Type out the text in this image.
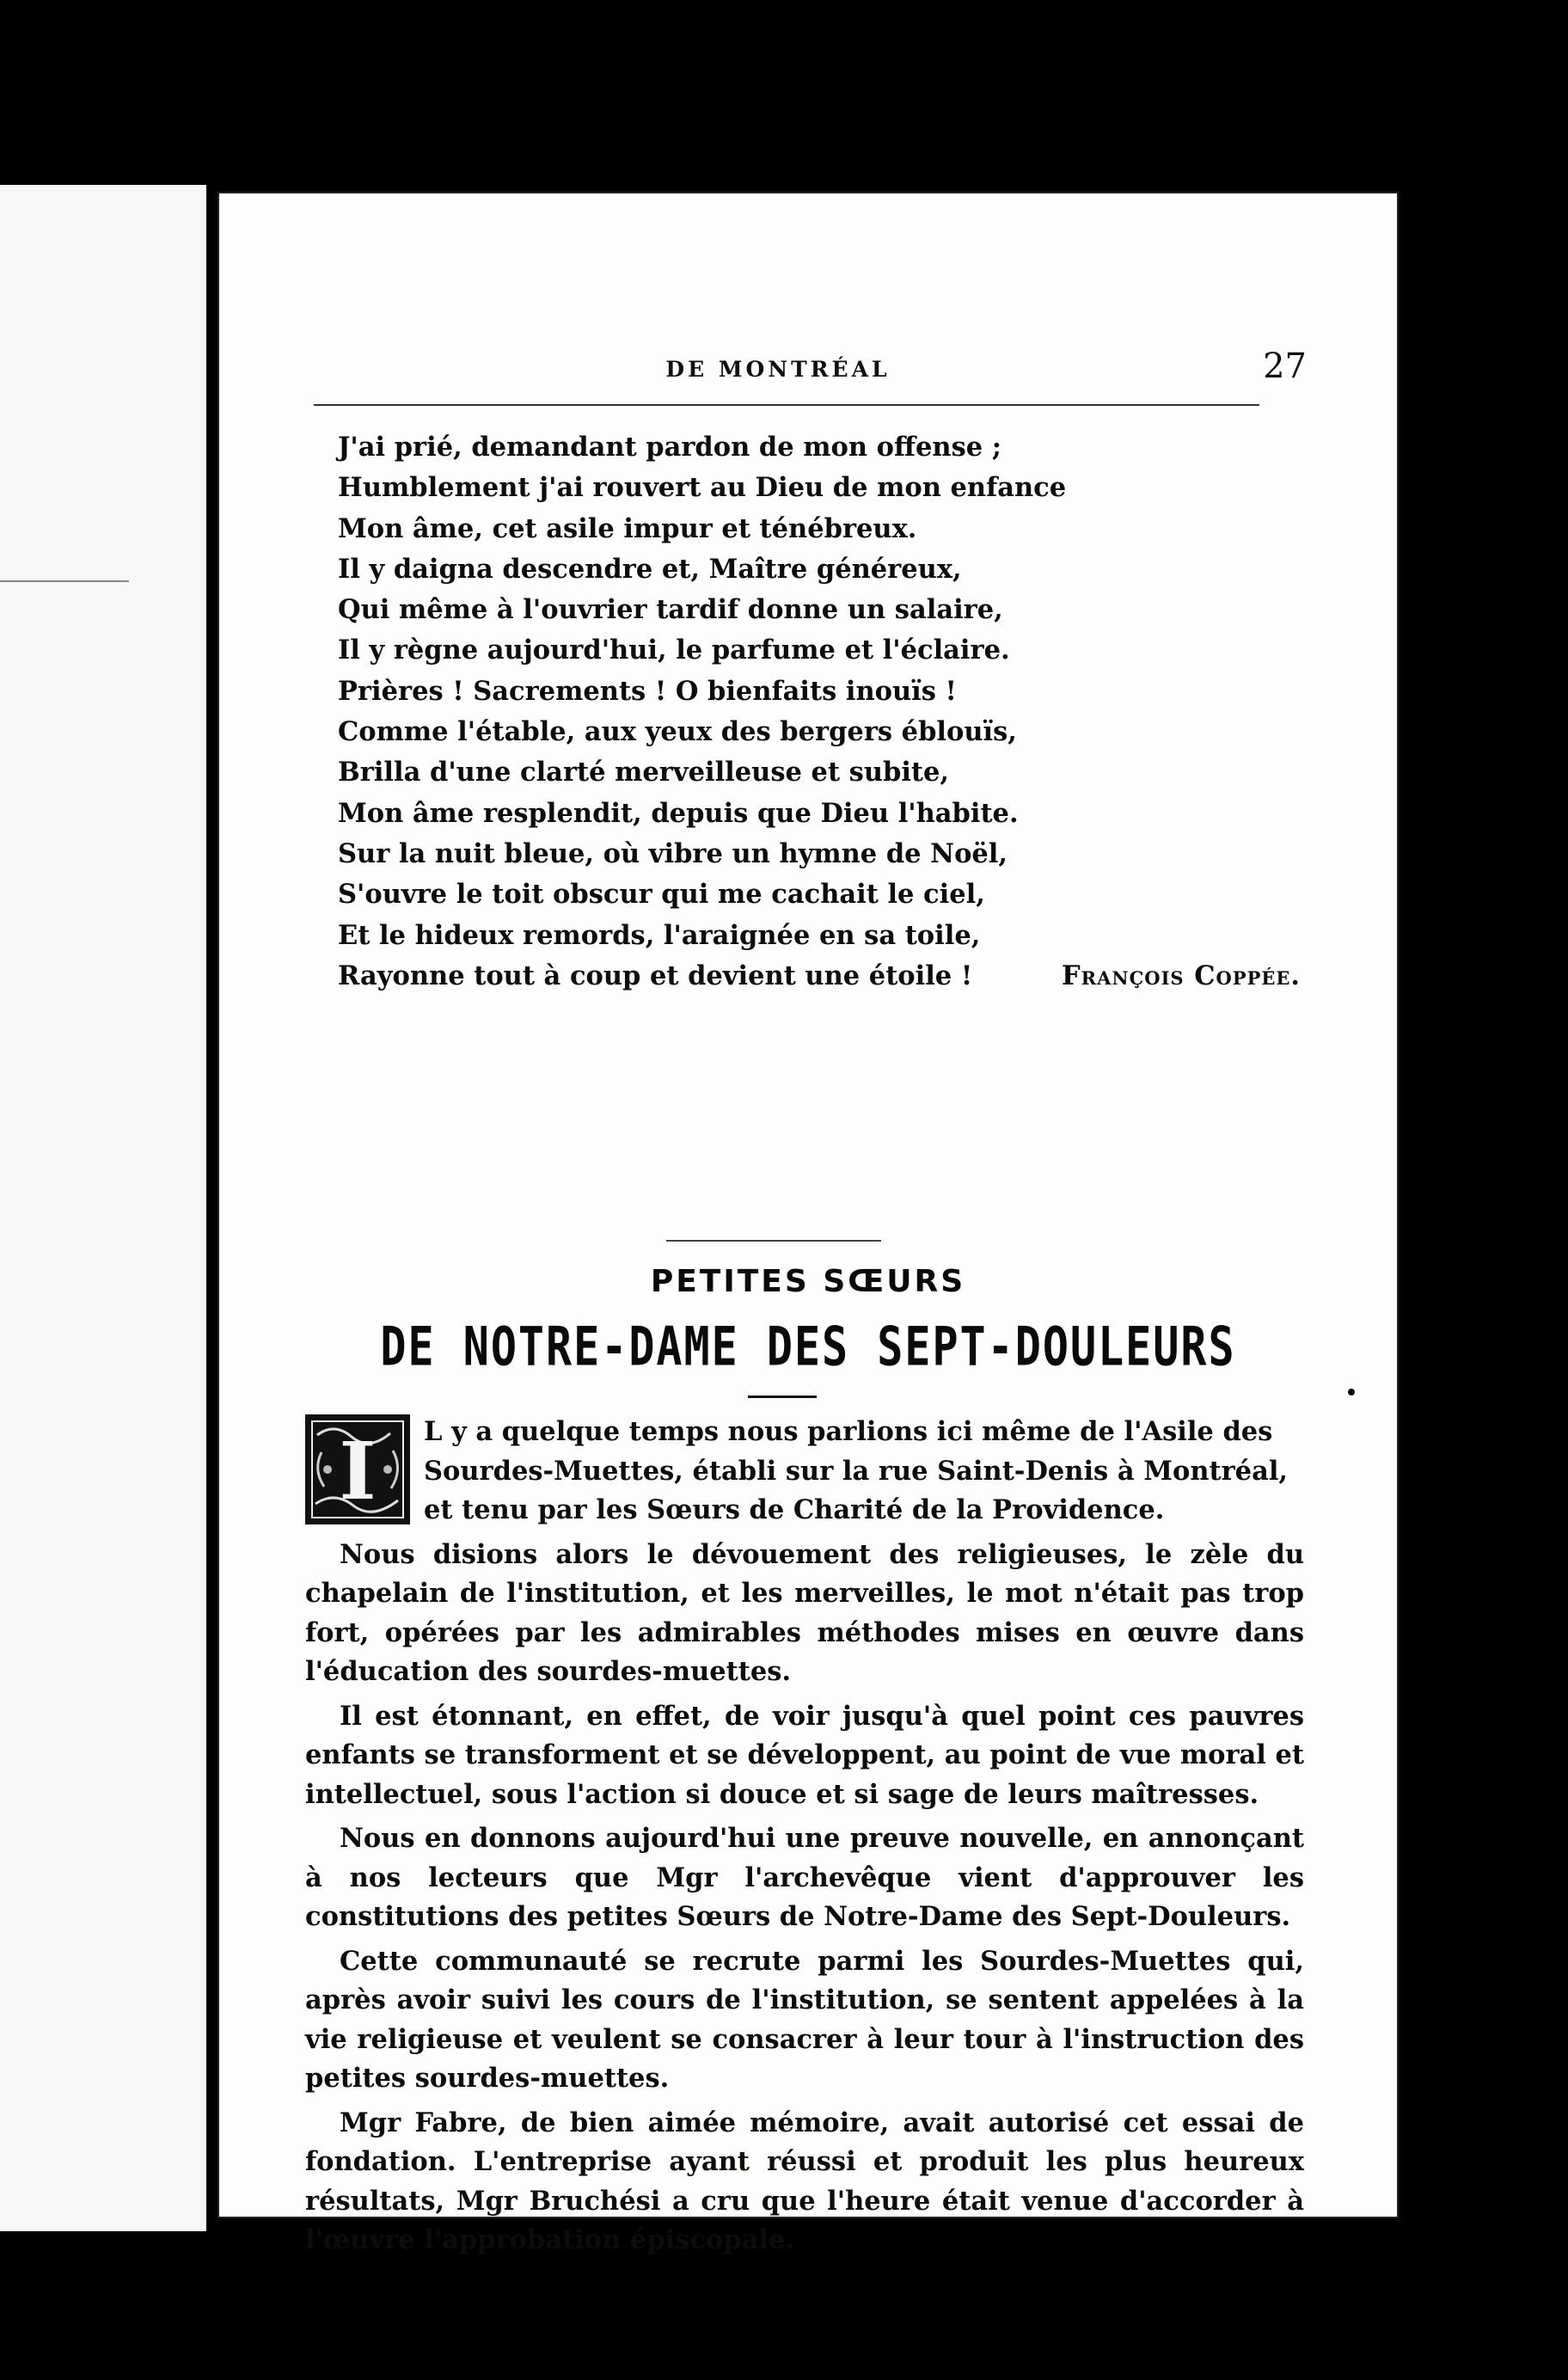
DE MONTRÉAL	27
J'ai prié, demandant pardon de mon offense ;
Humblement j'ai rouvert au Dieu de mon enfance
Mon âme, cet asile impur et ténébreux.
Il y daigna descendre et, Maître généreux,
Qui même à l'ouvrier tardif donne un salaire,
Il y règne aujourd'hui, le parfume et l'éclaire.
Prières ! Sacrements ! O bienfaits inouïs !
Comme l'étable, aux yeux des bergers éblouïs,
Brilla d'une clarté merveilleuse et subite,
Mon âme resplendit, depuis que Dieu l'habite.
Sur la nuit bleue, où vibre un hymne de Noël,
S'ouvre le toit obscur qui me cachait le ciel,
Et le hideux remords, l'araignée en sa toile,
Rayonne tout à coup et devient une étoile !	François Coppée.
PETITES SŒURS
DE NOTRE-DAME DES SEPT-DOULEURS
I	L y a quelque temps nous parlions ici même de l'Asile des
Sourdes-Muettes, établi sur la rue Saint-Denis à Montréal,
et tenu par les Sœurs de Charité de la Providence.

Nous disions alors le dévouement des religieuses, le zèle du chapelain de l'institution, et les merveilles, le mot n'était pas trop fort, opérées par les admirables méthodes mises en œuvre dans l'éducation des sourdes-muettes.

Il est étonnant, en effet, de voir jusqu'à quel point ces pauvres enfants se transforment et se développent, au point de vue moral et intellectuel, sous l'action si douce et si sage de leurs maîtresses.

Nous en donnons aujourd'hui une preuve nouvelle, en annonçant à nos lecteurs que Mgr l'archevêque vient d'approuver les constitutions des petites Sœurs de Notre-Dame des Sept-Douleurs.

Cette communauté se recrute parmi les Sourdes-Muettes qui, après avoir suivi les cours de l'institution, se sentent appelées à la vie religieuse et veulent se consacrer à leur tour à l'instruction des petites sourdes-muettes.

Mgr Fabre, de bien aimée mémoire, avait autorisé cet essai de fondation. L'entreprise ayant réussi et produit les plus heureux résultats, Mgr Bruchési a cru que l'heure était venue d'accorder à l'œuvre l'approbation épiscopale.
